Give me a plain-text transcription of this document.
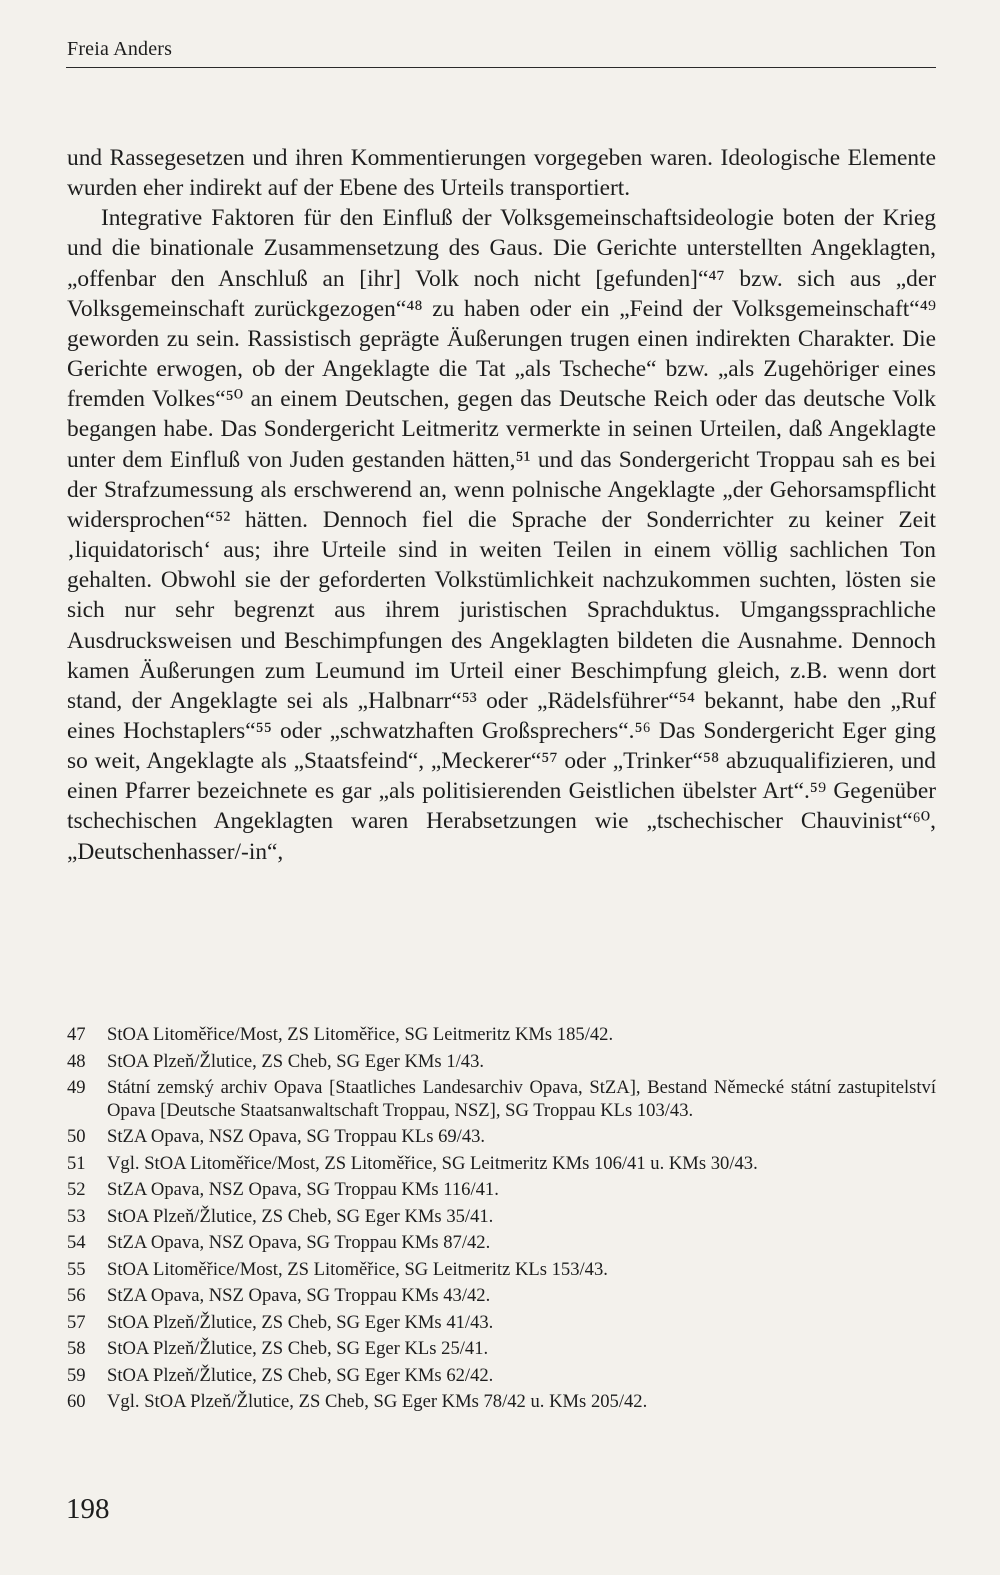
Freia Anders

und Rassegesetzen und ihren Kommentierungen vorgegeben waren. Ideologische Elemente wurden eher indirekt auf der Ebene des Urteils transportiert.

Integrative Faktoren für den Einfluß der Volksgemeinschaftsideologie boten der Krieg und die binationale Zusammensetzung des Gaus. Die Gerichte unterstellten Angeklagten, „offenbar den Anschluß an [ihr] Volk noch nicht [gefunden]“⁴⁷ bzw. sich aus „der Volksgemeinschaft zurückgezogen“⁴⁸ zu haben oder ein „Feind der Volksgemeinschaft“⁴⁹ geworden zu sein. Rassistisch geprägte Äußerungen trugen einen indirekten Charakter. Die Gerichte erwogen, ob der Angeklagte die Tat „als Tscheche“ bzw. „als Zugehöriger eines fremden Volkes“⁵⁰ an einem Deutschen, gegen das Deutsche Reich oder das deutsche Volk begangen habe. Das Sondergericht Leitmeritz vermerkte in seinen Urteilen, daß Angeklagte unter dem Einfluß von Juden gestanden hätten,⁵¹ und das Sondergericht Troppau sah es bei der Strafzumessung als erschwerend an, wenn polnische Angeklagte „der Gehorsamspflicht widersprochen“⁵² hätten. Dennoch fiel die Sprache der Sonderrichter zu keiner Zeit ‚liquidatorisch‘ aus; ihre Urteile sind in weiten Teilen in einem völlig sachlichen Ton gehalten. Obwohl sie der geforderten Volkstümlichkeit nachzukommen suchten, lösten sie sich nur sehr begrenzt aus ihrem juristischen Sprachduktus. Umgangssprachliche Ausdrucksweisen und Beschimpfungen des Angeklagten bildeten die Ausnahme. Dennoch kamen Äußerungen zum Leumund im Urteil einer Beschimpfung gleich, z.B. wenn dort stand, der Angeklagte sei als „Halbnarr“⁵³ oder „Rädelsführer“⁵⁴ bekannt, habe den „Ruf eines Hochstaplers“⁵⁵ oder „schwatzhaften Großsprechers“.⁵⁶ Das Sondergericht Eger ging so weit, Angeklagte als „Staatsfeind“, „Meckerer“⁵⁷ oder „Trinker“⁵⁸ abzuqualifizieren, und einen Pfarrer bezeichnete es gar „als politisierenden Geistlichen übelster Art“.⁵⁹ Gegenüber tschechischen Angeklagten waren Herabsetzungen wie „tschechischer Chauvinist“⁶⁰, „Deutschenhasser/-in“,

47	StOA Litoměřice/Most, ZS Litoměřice, SG Leitmeritz KMs 185/42.
48	StOA Plzeň/Žlutice, ZS Cheb, SG Eger KMs 1/43.
49	Státní zemský archiv Opava [Staatliches Landesarchiv Opava, StZA], Bestand Německé státní zastupitelství Opava [Deutsche Staatsanwaltschaft Troppau, NSZ], SG Troppau KLs 103/43.
50	StZA Opava, NSZ Opava, SG Troppau KLs 69/43.
51	Vgl. StOA Litoměřice/Most, ZS Litoměřice, SG Leitmeritz KMs 106/41 u. KMs 30/43.
52	StZA Opava, NSZ Opava, SG Troppau KMs 116/41.
53	StOA Plzeň/Žlutice, ZS Cheb, SG Eger KMs 35/41.
54	StZA Opava, NSZ Opava, SG Troppau KMs 87/42.
55	StOA Litoměřice/Most, ZS Litoměřice, SG Leitmeritz KLs 153/43.
56	StZA Opava, NSZ Opava, SG Troppau KMs 43/42.
57	StOA Plzeň/Žlutice, ZS Cheb, SG Eger KMs 41/43.
58	StOA Plzeň/Žlutice, ZS Cheb, SG Eger KLs 25/41.
59	StOA Plzeň/Žlutice, ZS Cheb, SG Eger KMs 62/42.
60	Vgl. StOA Plzeň/Žlutice, ZS Cheb, SG Eger KMs 78/42 u. KMs 205/42.
198
